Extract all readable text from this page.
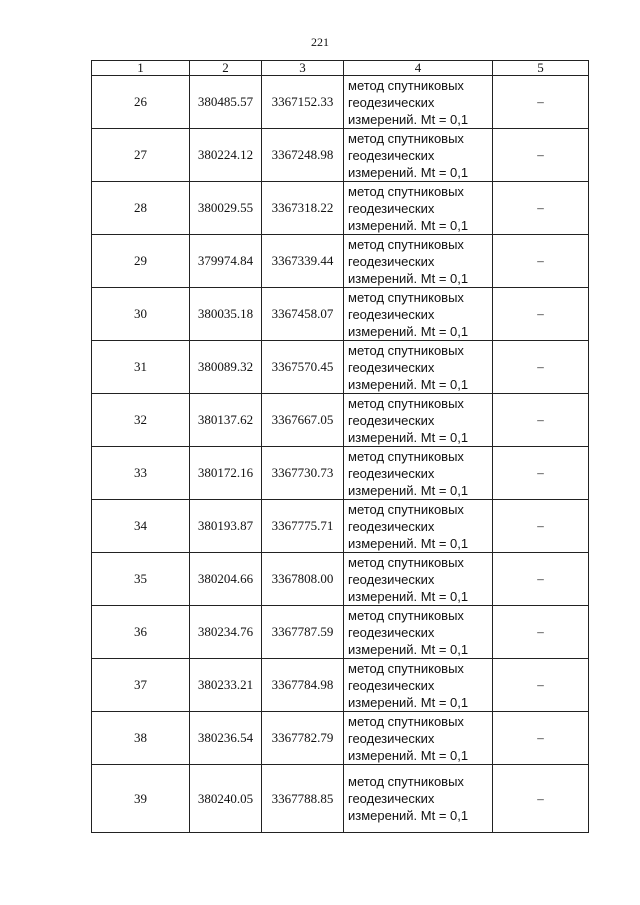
221
1	2	3	4	5
26	380485.57	3367152.33	метод спутниковых
геодезических
измерений. Mt = 0,1	–
27	380224.12	3367248.98	метод спутниковых
геодезических
измерений. Mt = 0,1	–
28	380029.55	3367318.22	метод спутниковых
геодезических
измерений. Mt = 0,1	–
29	379974.84	3367339.44	метод спутниковых
геодезических
измерений. Mt = 0,1	–
30	380035.18	3367458.07	метод спутниковых
геодезических
измерений. Mt = 0,1	–
31	380089.32	3367570.45	метод спутниковых
геодезических
измерений. Mt = 0,1	–
32	380137.62	3367667.05	метод спутниковых
геодезических
измерений. Mt = 0,1	–
33	380172.16	3367730.73	метод спутниковых
геодезических
измерений. Mt = 0,1	–
34	380193.87	3367775.71	метод спутниковых
геодезических
измерений. Mt = 0,1	–
35	380204.66	3367808.00	метод спутниковых
геодезических
измерений. Mt = 0,1	–
36	380234.76	3367787.59	метод спутниковых
геодезических
измерений. Mt = 0,1	–
37	380233.21	3367784.98	метод спутниковых
геодезических
измерений. Mt = 0,1	–
38	380236.54	3367782.79	метод спутниковых
геодезических
измерений. Mt = 0,1	–
39	380240.05	3367788.85	метод спутниковых
геодезических
измерений. Mt = 0,1	–
